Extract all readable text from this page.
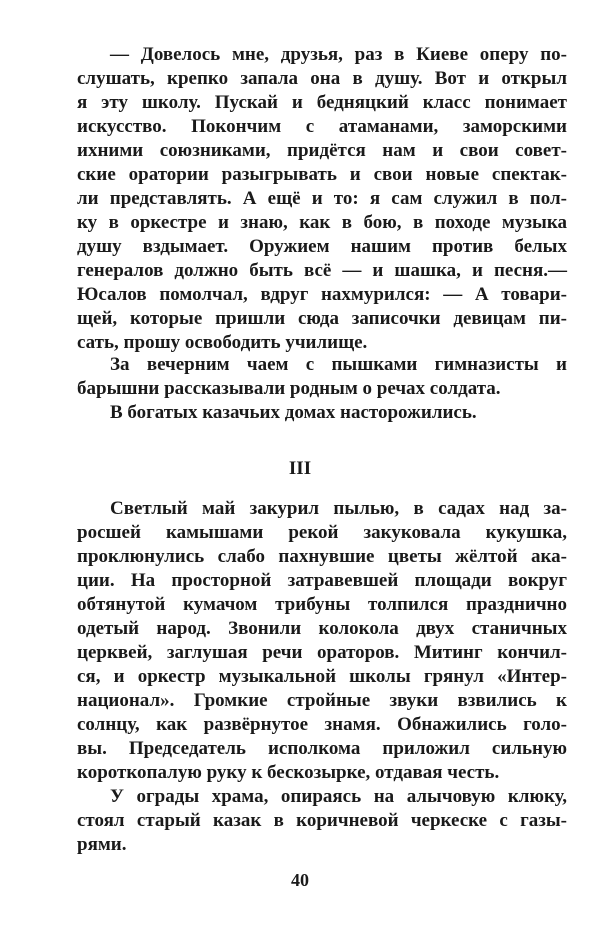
— Довелось мне, друзья, раз в Киеве оперу по-
слушать, крепко запала она в душу. Вот и открыл
я эту школу. Пускай и бедняцкий класс понимает
искусство. Покончим с атаманами, заморскими
ихними союзниками, придётся нам и свои совет-
ские оратории разыгрывать и свои новые спектак-
ли представлять. А ещё и то: я сам служил в пол-
ку в оркестре и знаю, как в бою, в походе музыка
душу вздымает. Оружием нашим против белых
генералов должно быть всё — и шашка, и песня.—
Юсалов помолчал, вдруг нахмурился: — А товари-
щей, которые пришли сюда записочки девицам пи-
сать, прошу освободить училище.
За вечерним чаем с пышками гимназисты и
барышни рассказывали родным о речах солдата.
В богатых казачьих домах насторожились.
III
Светлый май закурил пылью, в садах над за-
росшей камышами рекой закуковала кукушка,
проклюнулись слабо пахнувшие цветы жёлтой ака-
ции. На просторной затравевшей площади вокруг
обтянутой кумачом трибуны толпился празднично
одетый народ. Звонили колокола двух станичных
церквей, заглушая речи ораторов. Митинг кончил-
ся, и оркестр музыкальной школы грянул «Интер-
национал». Громкие стройные звуки взвились к
солнцу, как развёрнутое знамя. Обнажились голо-
вы. Председатель исполкома приложил сильную
короткопалую руку к бескозырке, отдавая честь.
У ограды храма, опираясь на алычовую клюку,
стоял старый казак в коричневой черкеске с газы-
рями.
40
